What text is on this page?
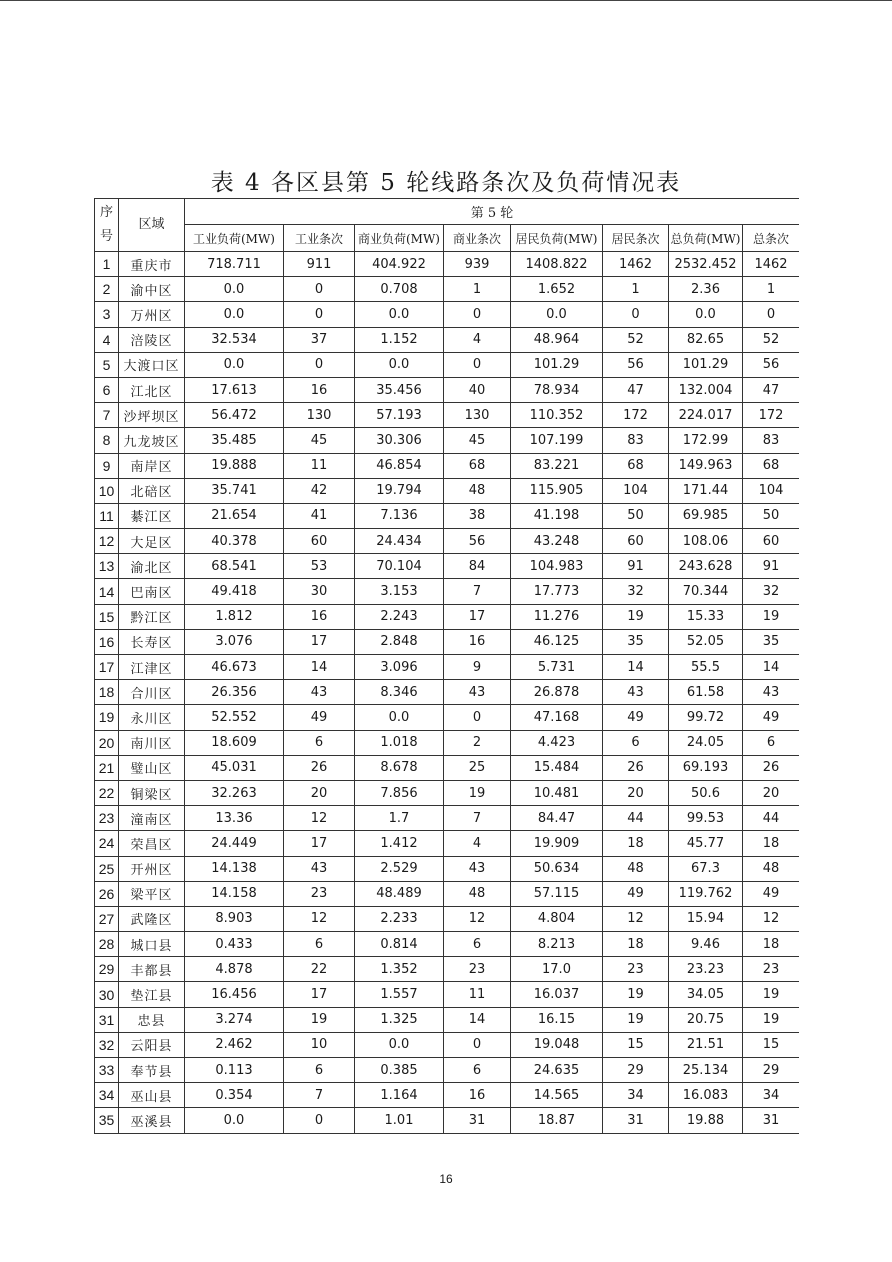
表 4 各区县第 5 轮线路条次及负荷情况表
序号	区域	第 5 轮							
		工业负荷(MW)	工业条次	商业负荷(MW)	商业条次	居民负荷(MW)	居民条次	总负荷(MW)	总条次
1	重庆市	718.711	911	404.922	939	1408.822	1462	2532.452	1462
2	渝中区	0.0	0	0.708	1	1.652	1	2.36	1
3	万州区	0.0	0	0.0	0	0.0	0	0.0	0
4	涪陵区	32.534	37	1.152	4	48.964	52	82.65	52
5	大渡口区	0.0	0	0.0	0	101.29	56	101.29	56
6	江北区	17.613	16	35.456	40	78.934	47	132.004	47
7	沙坪坝区	56.472	130	57.193	130	110.352	172	224.017	172
8	九龙坡区	35.485	45	30.306	45	107.199	83	172.99	83
9	南岸区	19.888	11	46.854	68	83.221	68	149.963	68
10	北碚区	35.741	42	19.794	48	115.905	104	171.44	104
11	綦江区	21.654	41	7.136	38	41.198	50	69.985	50
12	大足区	40.378	60	24.434	56	43.248	60	108.06	60
13	渝北区	68.541	53	70.104	84	104.983	91	243.628	91
14	巴南区	49.418	30	3.153	7	17.773	32	70.344	32
15	黔江区	1.812	16	2.243	17	11.276	19	15.33	19
16	长寿区	3.076	17	2.848	16	46.125	35	52.05	35
17	江津区	46.673	14	3.096	9	5.731	14	55.5	14
18	合川区	26.356	43	8.346	43	26.878	43	61.58	43
19	永川区	52.552	49	0.0	0	47.168	49	99.72	49
20	南川区	18.609	6	1.018	2	4.423	6	24.05	6
21	璧山区	45.031	26	8.678	25	15.484	26	69.193	26
22	铜梁区	32.263	20	7.856	19	10.481	20	50.6	20
23	潼南区	13.36	12	1.7	7	84.47	44	99.53	44
24	荣昌区	24.449	17	1.412	4	19.909	18	45.77	18
25	开州区	14.138	43	2.529	43	50.634	48	67.3	48
26	梁平区	14.158	23	48.489	48	57.115	49	119.762	49
27	武隆区	8.903	12	2.233	12	4.804	12	15.94	12
28	城口县	0.433	6	0.814	6	8.213	18	9.46	18
29	丰都县	4.878	22	1.352	23	17.0	23	23.23	23
30	垫江县	16.456	17	1.557	11	16.037	19	34.05	19
31	忠县	3.274	19	1.325	14	16.15	19	20.75	19
32	云阳县	2.462	10	0.0	0	19.048	15	21.51	15
33	奉节县	0.113	6	0.385	6	24.635	29	25.134	29
34	巫山县	0.354	7	1.164	16	14.565	34	16.083	34
35	巫溪县	0.0	0	1.01	31	18.87	31	19.88	31
16
